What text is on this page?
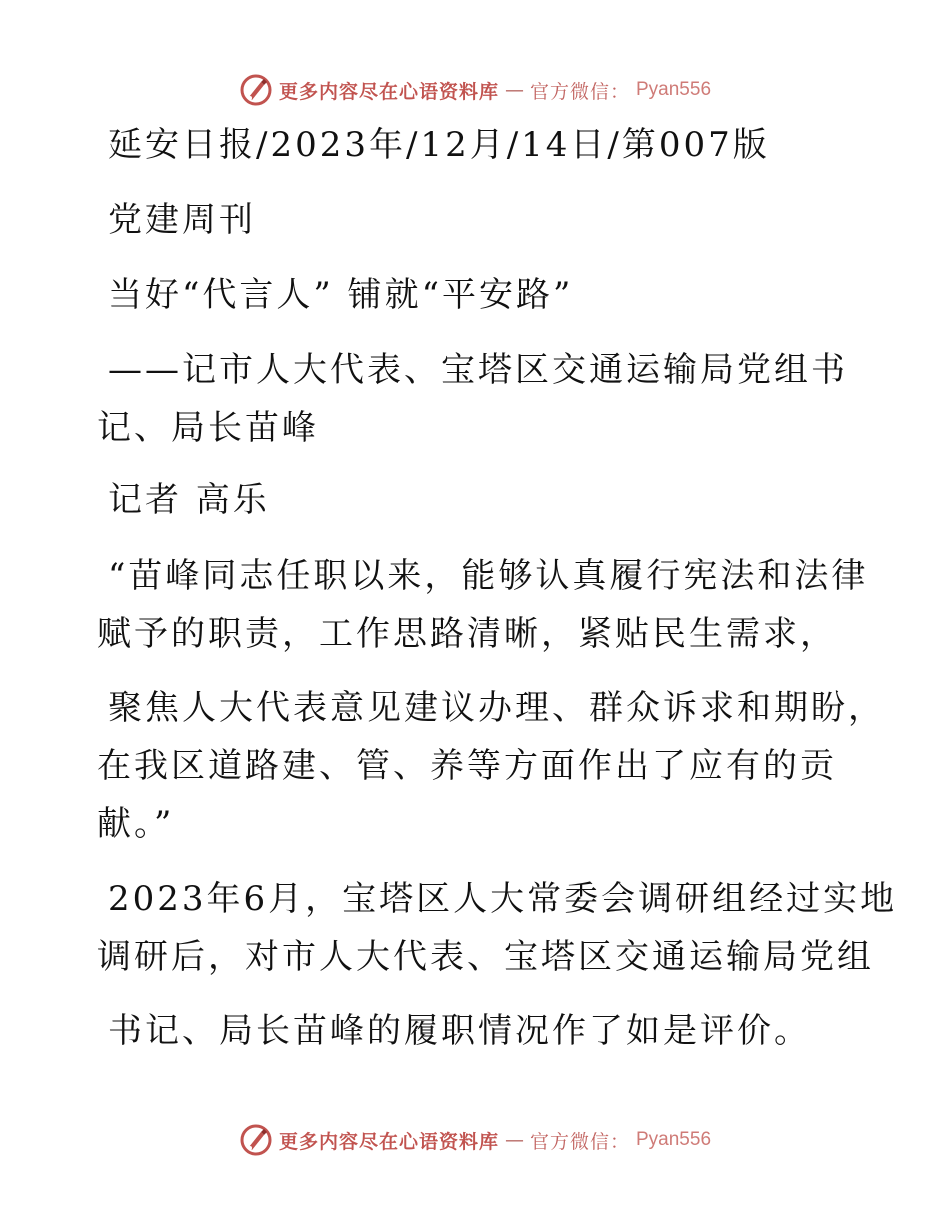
更多内容尽在心语资料库 — 官方微信： Pyan556
延安日报/2023年/12月/14日/第007版
党建周刊
当好“代言人” 铺就“平安路”
——记市人大代表、宝塔区交通运输局党组书
记、局长苗峰
记者 高乐
“苗峰同志任职以来，能够认真履行宪法和法律
赋予的职责，工作思路清晰，紧贴民生需求，
聚焦人大代表意见建议办理、群众诉求和期盼，
在我区道路建、管、养等方面作出了应有的贡
献。”
2023年6月，宝塔区人大常委会调研组经过实地
调研后，对市人大代表、宝塔区交通运输局党组
书记、局长苗峰的履职情况作了如是评价。
更多内容尽在心语资料库 — 官方微信： Pyan556
